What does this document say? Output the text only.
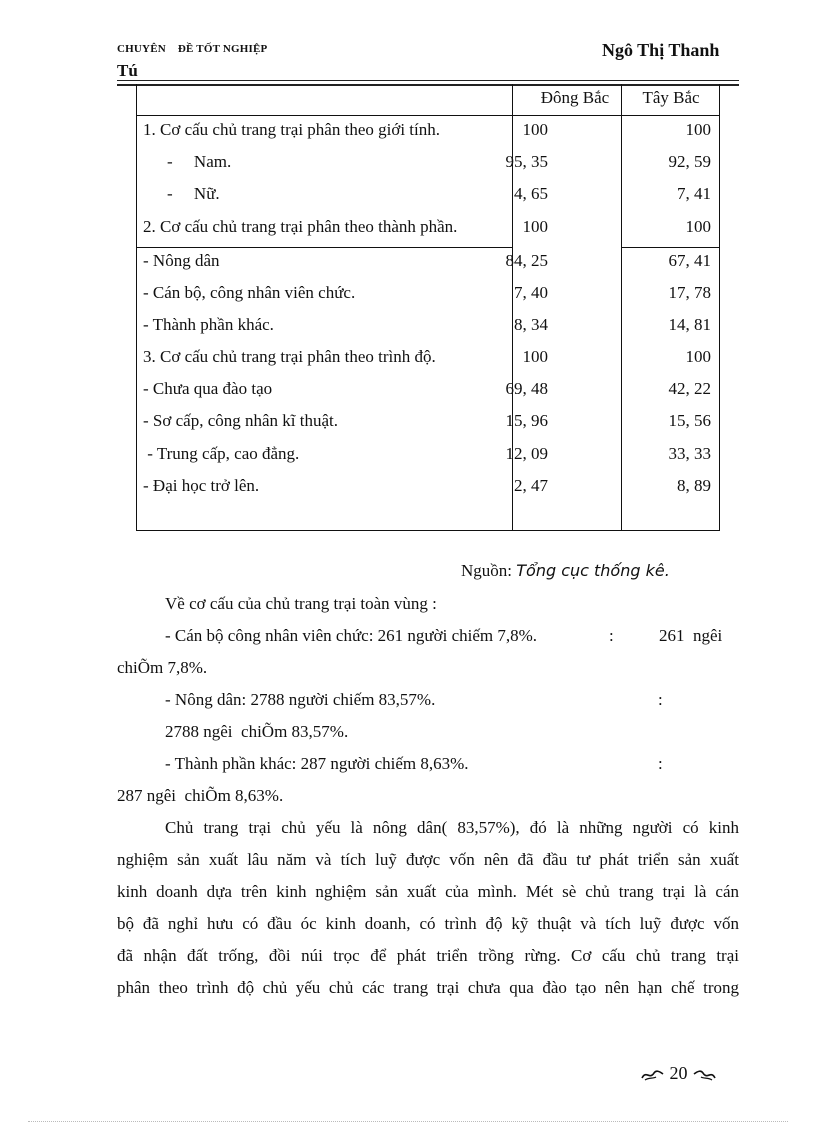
CHUYÊN ĐỀ TỐT NGHIỆP	Ngô Thị Thanh
Tú
Đông Bắc	Tây Bắc
1. Cơ cấu chủ trang trại phân theo giới tính.	100	100
-     Nam.	95, 35	92, 59
-     Nữ.	4, 65	7, 41
2. Cơ cấu chủ trang trại phân theo thành phần.	100	100
- Nông dân	84, 25	67, 41
- Cán bộ, công nhân viên chức.	7, 40	17, 78
- Thành phần khác.	8, 34	14, 81
3. Cơ cấu chủ trang trại phân theo trình độ.	100	100
- Chưa qua đào tạo	69, 48	42, 22
- Sơ cấp, công nhân kĩ thuật.	15, 96	15, 56
- Trung cấp, cao đẳng.	12, 09	33, 33
- Đại học trở lên.	2, 47	8, 89
Nguồn: Tổng cục thống kê.
Về cơ cấu của chủ trang trại toàn vùng :
- Cán bộ công nhân viên chức: 261 người chiếm 7,8%.	:	261  ngêi
chiÕm 7,8%.
- Nông dân: 2788 người chiếm 83,57%.	:
2788 ngêi  chiÕm 83,57%.
- Thành phần khác: 287 người chiếm 8,63%.	:
287 ngêi  chiÕm 8,63%.
Chủ trang trại chủ yếu là nông dân( 83,57%), đó là những người có kinh
nghiệm sản xuất lâu năm và tích luỹ được vốn nên đã đầu tư phát triển sản xuất
kinh doanh dựa trên kinh nghiệm sản xuất của mình. Mét sè chủ trang trại là cán
bộ đã nghỉ hưu có đầu óc kinh doanh, có trình độ kỹ thuật và tích luỹ được vốn
đã nhận đất trống, đồi núi trọc để phát triển trồng rừng. Cơ cấu chủ trang trại
phân theo trình độ chủ yếu chủ các trang trại chưa qua đào tạo nên hạn chế trong
20
